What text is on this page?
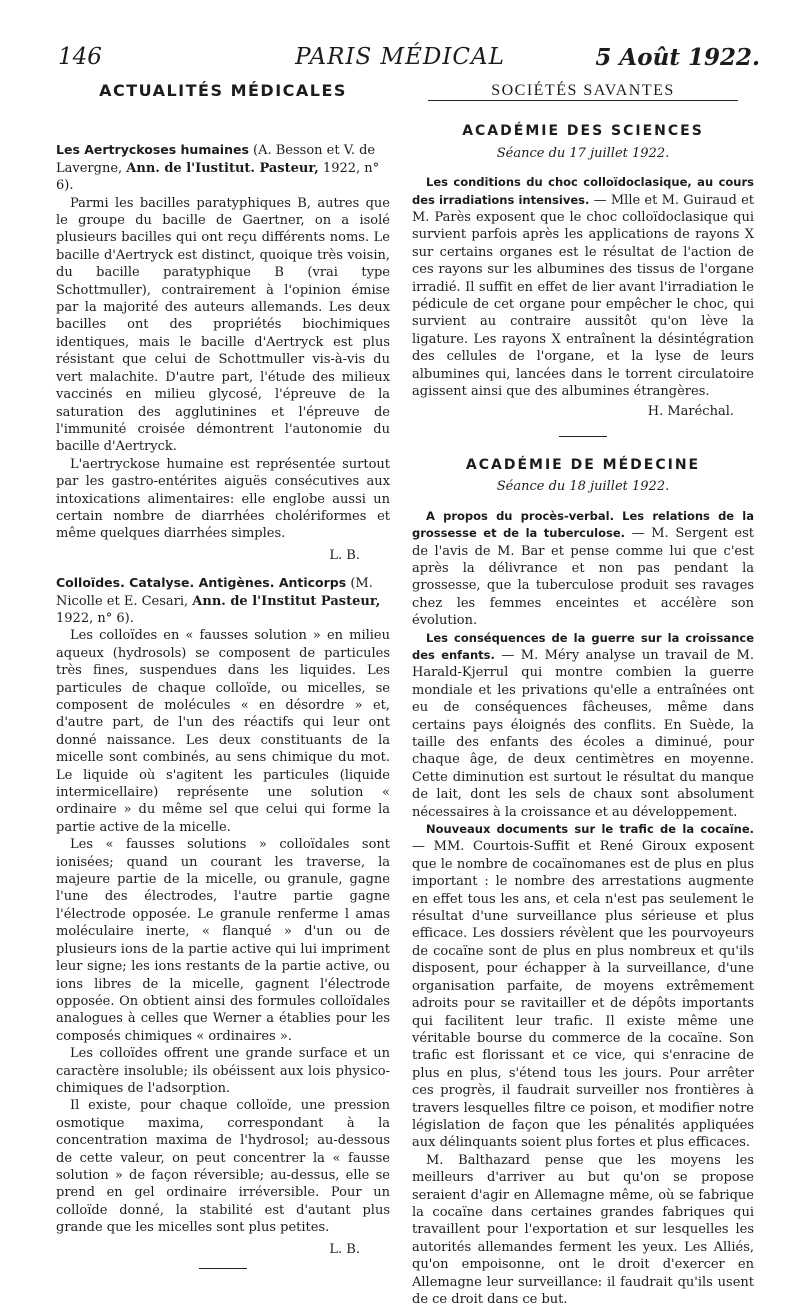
146	PARIS MÉDICAL	5 Août 1922.
ACTUALITÉS MÉDICALES
Les Aertryckoses humaines (A. Besson et V. de Lavergne, Ann. de l'Iustitut. Pasteur, 1922, n° 6).

Parmi les bacilles paratyphiques B, autres que le groupe du bacille de Gaertner, on a isolé plusieurs bacilles qui ont reçu différents noms. Le bacille d'Aertryck est distinct, quoique très voisin, du bacille paratyphique B (vrai type Schottmuller), contrairement à l'opinion émise par la majorité des auteurs allemands. Les deux bacilles ont des propriétés biochimiques identiques, mais le bacille d'Aertryck est plus résistant que celui de Schottmuller vis-à-vis du vert malachite. D'autre part, l'étude des milieux vaccinés en milieu glycosé, l'épreuve de la saturation des agglutinines et l'épreuve de l'immunité croisée démontrent l'autonomie du bacille d'Aertryck.

L'aertryckose humaine est représentée surtout par les gastro-entérites aiguës consécutives aux intoxications alimentaires: elle englobe aussi un certain nombre de diarrhées cholériformes et même quelques diarrhées simples.

L. B.
Colloïdes. Catalyse. Antigènes. Anticorps (M. Nicolle et E. Cesari, Ann. de l'Institut Pasteur, 1922, n° 6).

Les colloïdes en « fausses solution » en milieu aqueux (hydrosols) se composent de particules très fines, suspendues dans les liquides. Les particules de chaque colloïde, ou micelles, se composent de molécules « en désordre » et, d'autre part, de l'un des réactifs qui leur ont donné naissance. Les deux constituants de la micelle sont combinés, au sens chimique du mot. Le liquide où s'agitent les particules (liquide intermicellaire) représente une solution « ordinaire » du même sel que celui qui forme la partie active de la micelle.

Les « fausses solutions » colloïdales sont ionisées; quand un courant les traverse, la majeure partie de la micelle, ou granule, gagne l'une des électrodes, l'autre partie gagne l'électrode opposée. Le granule renferme l amas moléculaire inerte, « flanqué » d'un ou de plusieurs ions de la partie active qui lui impriment leur signe; les ions restants de la partie active, ou ions libres de la micelle, gagnent l'électrode opposée. On obtient ainsi des formules colloïdales analogues à celles que Werner a établies pour les composés chimiques « ordinaires ».

Les colloïdes offrent une grande surface et un caractère insoluble; ils obéissent aux lois physico-chimiques de l'adsorption.

Il existe, pour chaque colloïde, une pression osmotique maxima, correspondant à la concentration maxima de l'hydrosol; au-dessous de cette valeur, on peut concentrer la « fausse solution » de façon réversible; au-dessus, elle se prend en gel ordinaire irréversible. Pour un colloïde donné, la stabilité est d'autant plus grande que les micelles sont plus petites.

L. B.
SOCIÉTÉS SAVANTES
ACADÉMIE DES SCIENCES
Séance du 17 juillet 1922.

Les conditions du choc colloïdoclasique, au cours des irradiations intensives. — Mlle et M. Guiraud et M. Parès exposent que le choc colloïdoclasique qui survient parfois après les applications de rayons X sur certains organes est le résultat de l'action de ces rayons sur les albumines des tissus de l'organe irradié. Il suffit en effet de lier avant l'irradiation le pédicule de cet organe pour empêcher le choc, qui survient au contraire aussitôt qu'on lève la ligature. Les rayons X entraînent la désintégration des cellules de l'organe, et la lyse de leurs albumines qui, lancées dans le torrent circulatoire agissent ainsi que des albumines étrangères.

H. Maréchal.
ACADÉMIE DE MÉDECINE
Séance du 18 juillet 1922.

A propos du procès-verbal. Les relations de la grossesse et de la tuberculose. — M. Sergent est de l'avis de M. Bar et pense comme lui que c'est après la délivrance et non pas pendant la grossesse, que la tuberculose produit ses ravages chez les femmes enceintes et accélère son évolution.

Les conséquences de la guerre sur la croissance des enfants. — M. Méry analyse un travail de M. Harald-Kjerrul qui montre combien la guerre mondiale et les privations qu'elle a entraînées ont eu de conséquences fâcheuses, même dans certains pays éloignés des conflits. En Suède, la taille des enfants des écoles a diminué, pour chaque âge, de deux centimètres en moyenne. Cette diminution est surtout le résultat du manque de lait, dont les sels de chaux sont absolument nécessaires à la croissance et au développement.

Nouveaux documents sur le trafic de la cocaïne. — MM. Courtois-Suffit et René Giroux exposent que le nombre de cocaïnomanes est de plus en plus important : le nombre des arrestations augmente en effet tous les ans, et cela n'est pas seulement le résultat d'une surveillance plus sérieuse et plus efficace. Les dossiers révèlent que les pourvoyeurs de cocaïne sont de plus en plus nombreux et qu'ils disposent, pour échapper à la surveillance, d'une organisation parfaite, de moyens extrêmement adroits pour se ravitailler et de dépôts importants qui facilitent leur trafic. Il existe même une véritable bourse du commerce de la cocaïne. Son trafic est florissant et ce vice, qui s'enracine de plus en plus, s'étend tous les jours. Pour arrêter ces progrès, il faudrait surveiller nos frontières à travers lesquelles filtre ce poison, et modifier notre législation de façon que les pénalités appliquées aux délinquants soient plus fortes et plus efficaces.

M. Balthazard pense que les moyens les meilleurs d'arriver au but qu'on se propose seraient d'agir en Allemagne même, où se fabrique la cocaïne dans certaines grandes fabriques qui travaillent pour l'exportation et sur lesquelles les autorités allemandes ferment les yeux. Les Alliés, qu'on empoisonne, ont le droit d'exercer en Allemagne leur surveillance: il faudrait qu'ils usent de ce droit dans ce but.
